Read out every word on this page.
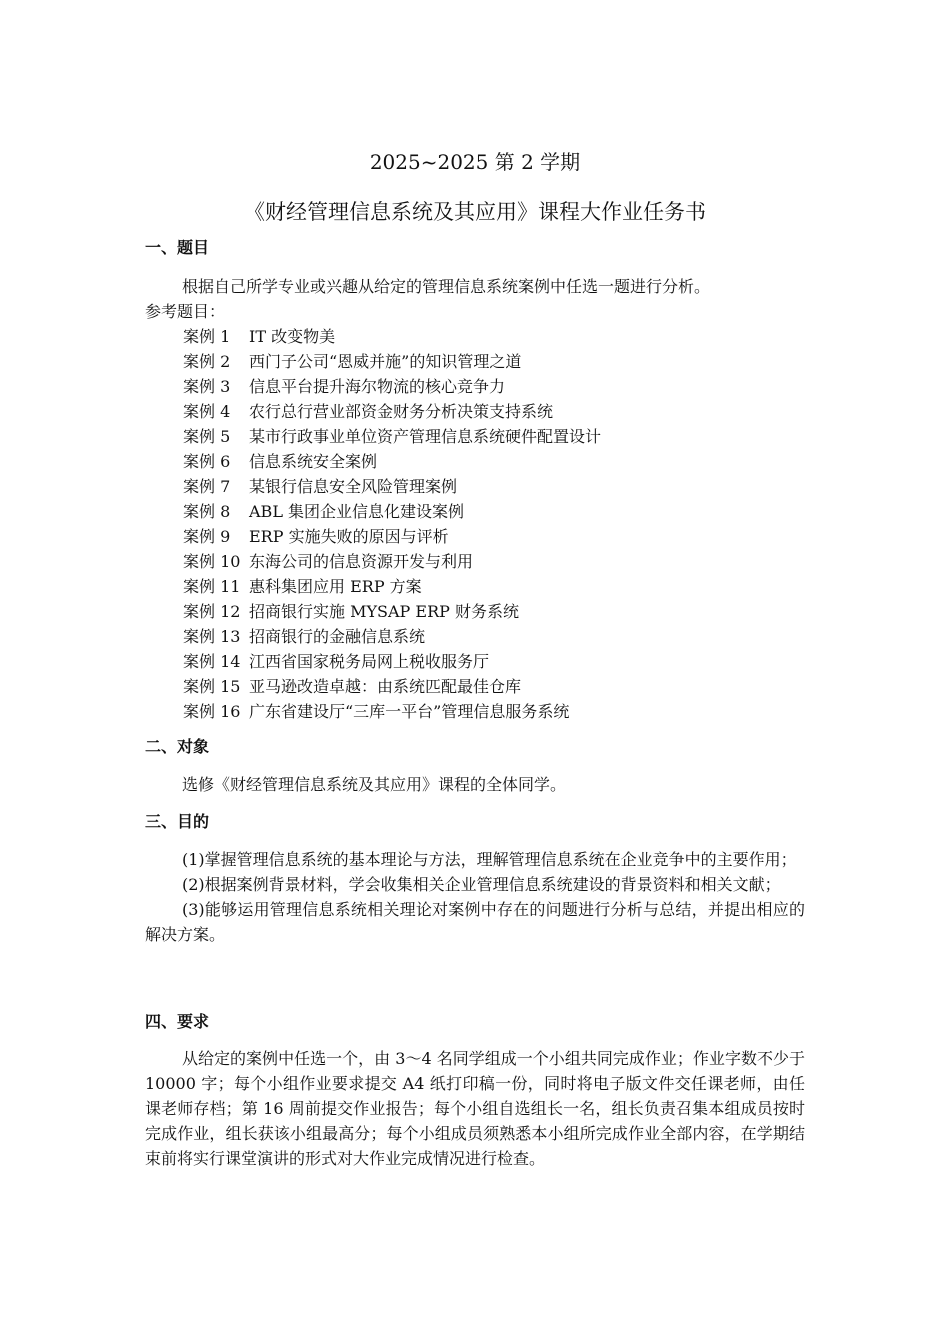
2025~2025 第 2 学期
《财经管理信息系统及其应用》课程大作业任务书
一、题目
根据自己所学专业或兴趣从给定的管理信息系统案例中任选一题进行分析。
参考题目：
案例 1 IT 改变物美
案例 2 西门子公司“恩威并施”的知识管理之道
案例 3 信息平台提升海尔物流的核心竞争力
案例 4 农行总行营业部资金财务分析决策支持系统
案例 5 某市行政事业单位资产管理信息系统硬件配置设计
案例 6 信息系统安全案例
案例 7 某银行信息安全风险管理案例
案例 8 ABL 集团企业信息化建设案例
案例 9 ERP 实施失败的原因与评析
案例 10 东海公司的信息资源开发与利用
案例 11 惠科集团应用 ERP 方案
案例 12 招商银行实施 MYSAP ERP 财务系统
案例 13 招商银行的金融信息系统
案例 14 江西省国家税务局网上税收服务厅
案例 15 亚马逊改造卓越：由系统匹配最佳仓库
案例 16 广东省建设厅“三库一平台”管理信息服务系统
二、对象
选修《财经管理信息系统及其应用》课程的全体同学。
三、目的
(1)掌握管理信息系统的基本理论与方法，理解管理信息系统在企业竞争中的主要作用；
(2)根据案例背景材料，学会收集相关企业管理信息系统建设的背景资料和相关文献；
(3)能够运用管理信息系统相关理论对案例中存在的问题进行分析与总结，并提出相应的解决方案。
四、要求
从给定的案例中任选一个，由 3～4 名同学组成一个小组共同完成作业；作业字数不少于 10000 字；每个小组作业要求提交 A4 纸打印稿一份，同时将电子版文件交任课老师，由任课老师存档；第 16 周前提交作业报告；每个小组自选组长一名，组长负责召集本组成员按时完成作业，组长获该小组最高分；每个小组成员须熟悉本小组所完成作业全部内容，在学期结束前将实行课堂演讲的形式对大作业完成情况进行检查。
